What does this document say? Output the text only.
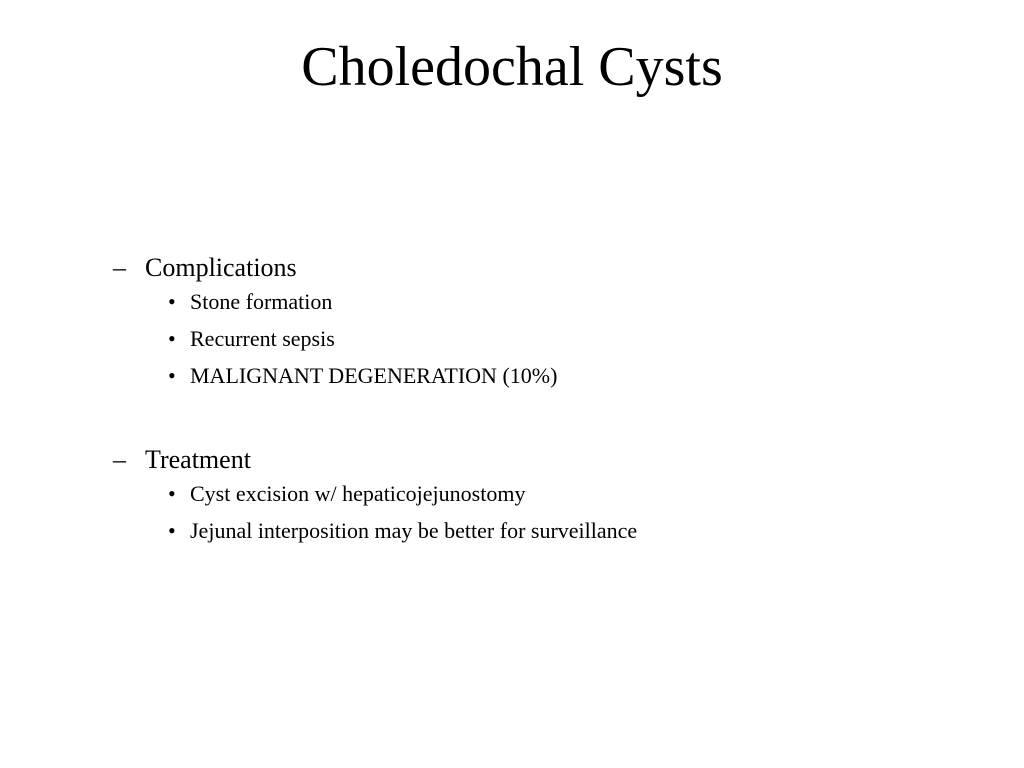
Choledochal Cysts
– Complications
• Stone formation
• Recurrent sepsis
• MALIGNANT DEGENERATION (10%)
– Treatment
• Cyst excision w/ hepaticojejunostomy
• Jejunal interposition may be better for surveillance
